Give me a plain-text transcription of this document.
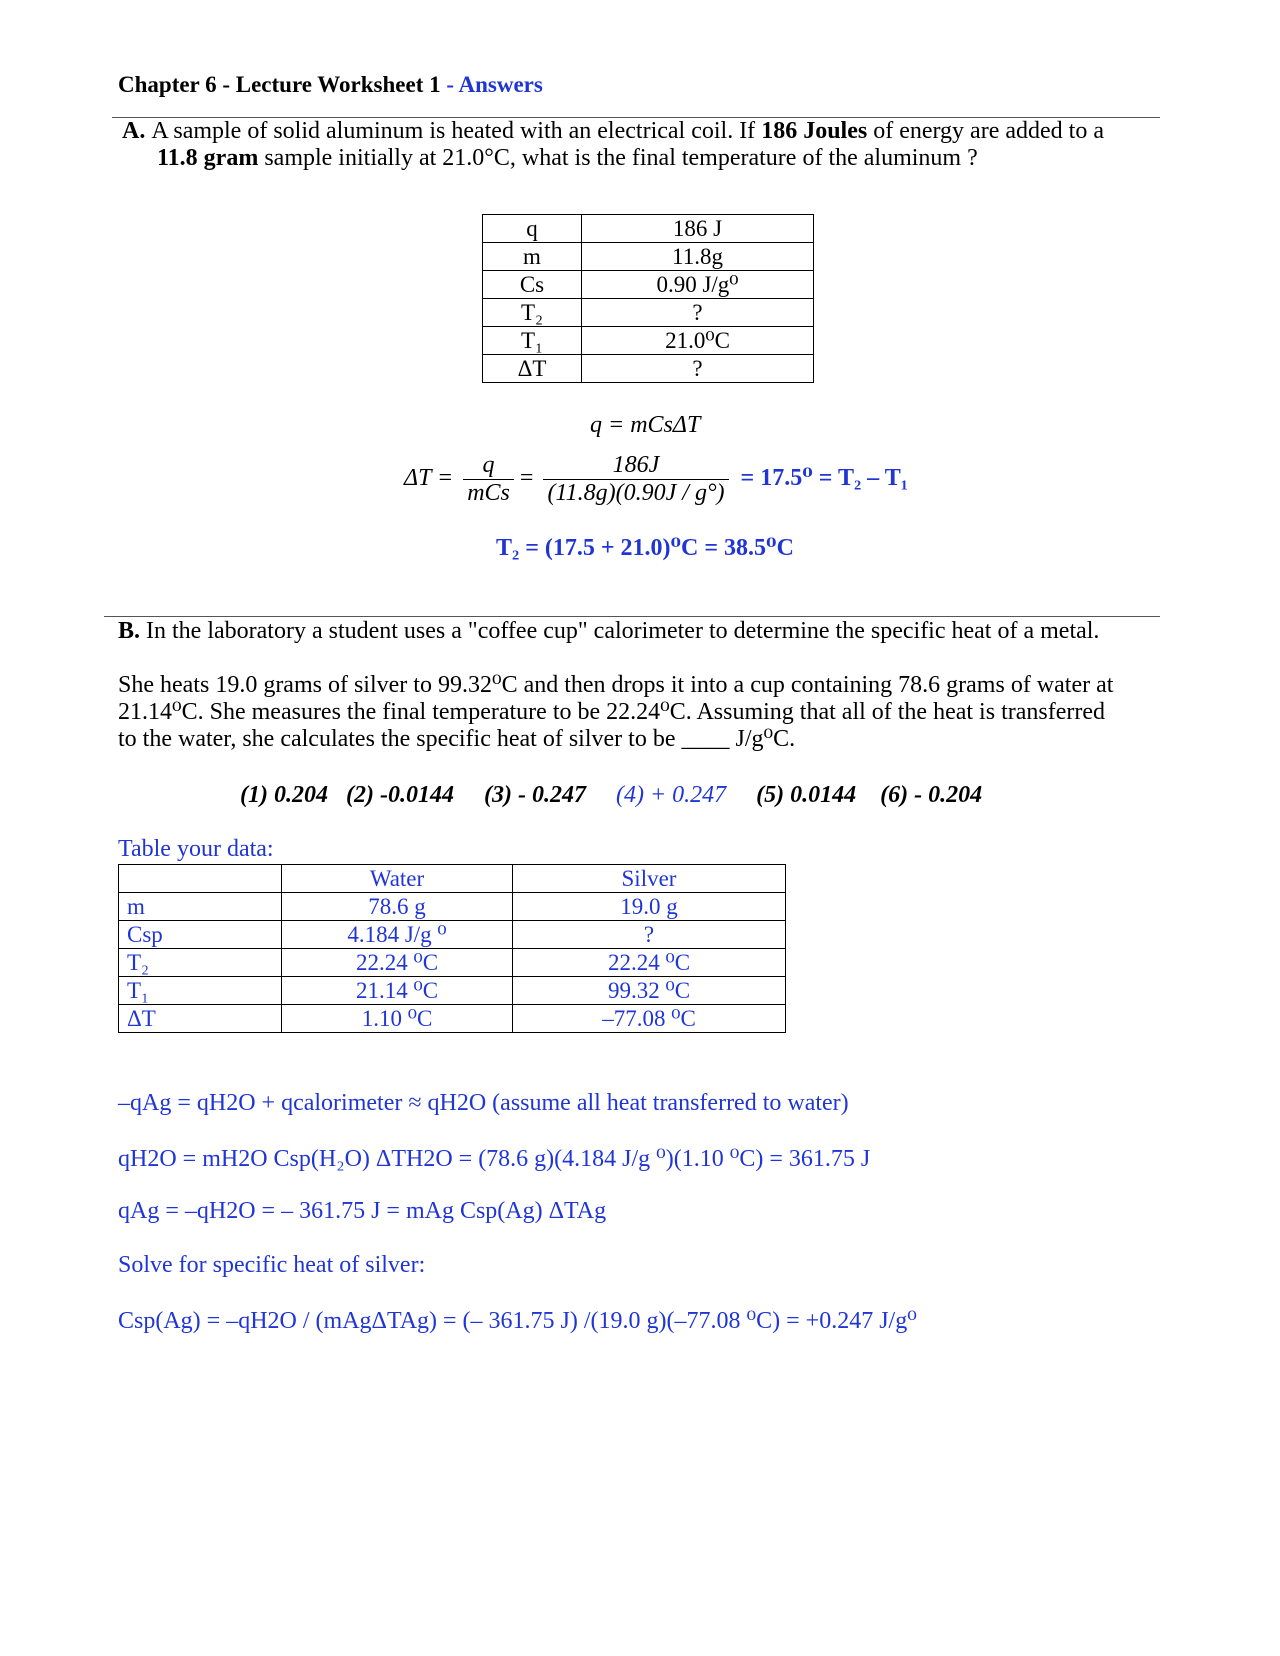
Chapter 6 - Lecture Worksheet 1 - Answers
A. A sample of solid aluminum is heated with an electrical coil. If 186 Joules of energy are added to a
11.8 gram sample initially at 21.0°C, what is the final temperature of the aluminum ?
q	186 J
m	11.8g
Cs	0.90 J/g⁰
T₂	?
T₁	21.0⁰C
ΔT	?
q = mCsΔT
$\Delta T = \frac{q}{\text{mCs}} = \frac{186J}{(11.8g)(0.90J / g^\circ)} = 17.5^0 = T_2 - T_1$
T₂ = (17.5 + 21.0)⁰C = 38.5⁰C
B. In the laboratory a student uses a "coffee cup" calorimeter to determine the specific heat of a metal.
She heats 19.0 grams of silver to 99.32⁰C and then drops it into a cup containing 78.6 grams of water at
21.14⁰C. She measures the final temperature to be 22.24⁰C. Assuming that all of the heat is transferred
to the water, she calculates the specific heat of silver to be ____ J/g⁰C.
(1) 0.204 (2) -0.0144 (3) - 0.247 (4) + 0.247 (5) 0.0144 (6) - 0.204
Table your data:
	Water	Silver
m	78.6 g	19.0 g
Csp	4.184 J/g ⁰	?
T₂	22.24 ⁰C	22.24 ⁰C
T₁	21.14 ⁰C	99.32 ⁰C
ΔT	1.10 ⁰C	–77.08 ⁰C
–qAg = qH2O + qcalorimeter ≈ qH2O (assume all heat transferred to water)
qH2O = mH2O Csp(H₂O) ΔTH2O = (78.6 g)(4.184 J/g ⁰)(1.10 ⁰C) = 361.75 J
qAg = –qH2O = – 361.75 J = mAg Csp(Ag) ΔTAg
Solve for specific heat of silver:
Csp(Ag) = –qH2O / (mAgΔTAg) = (– 361.75 J) /(19.0 g)(–77.08 ⁰C) = +0.247 J/g⁰
